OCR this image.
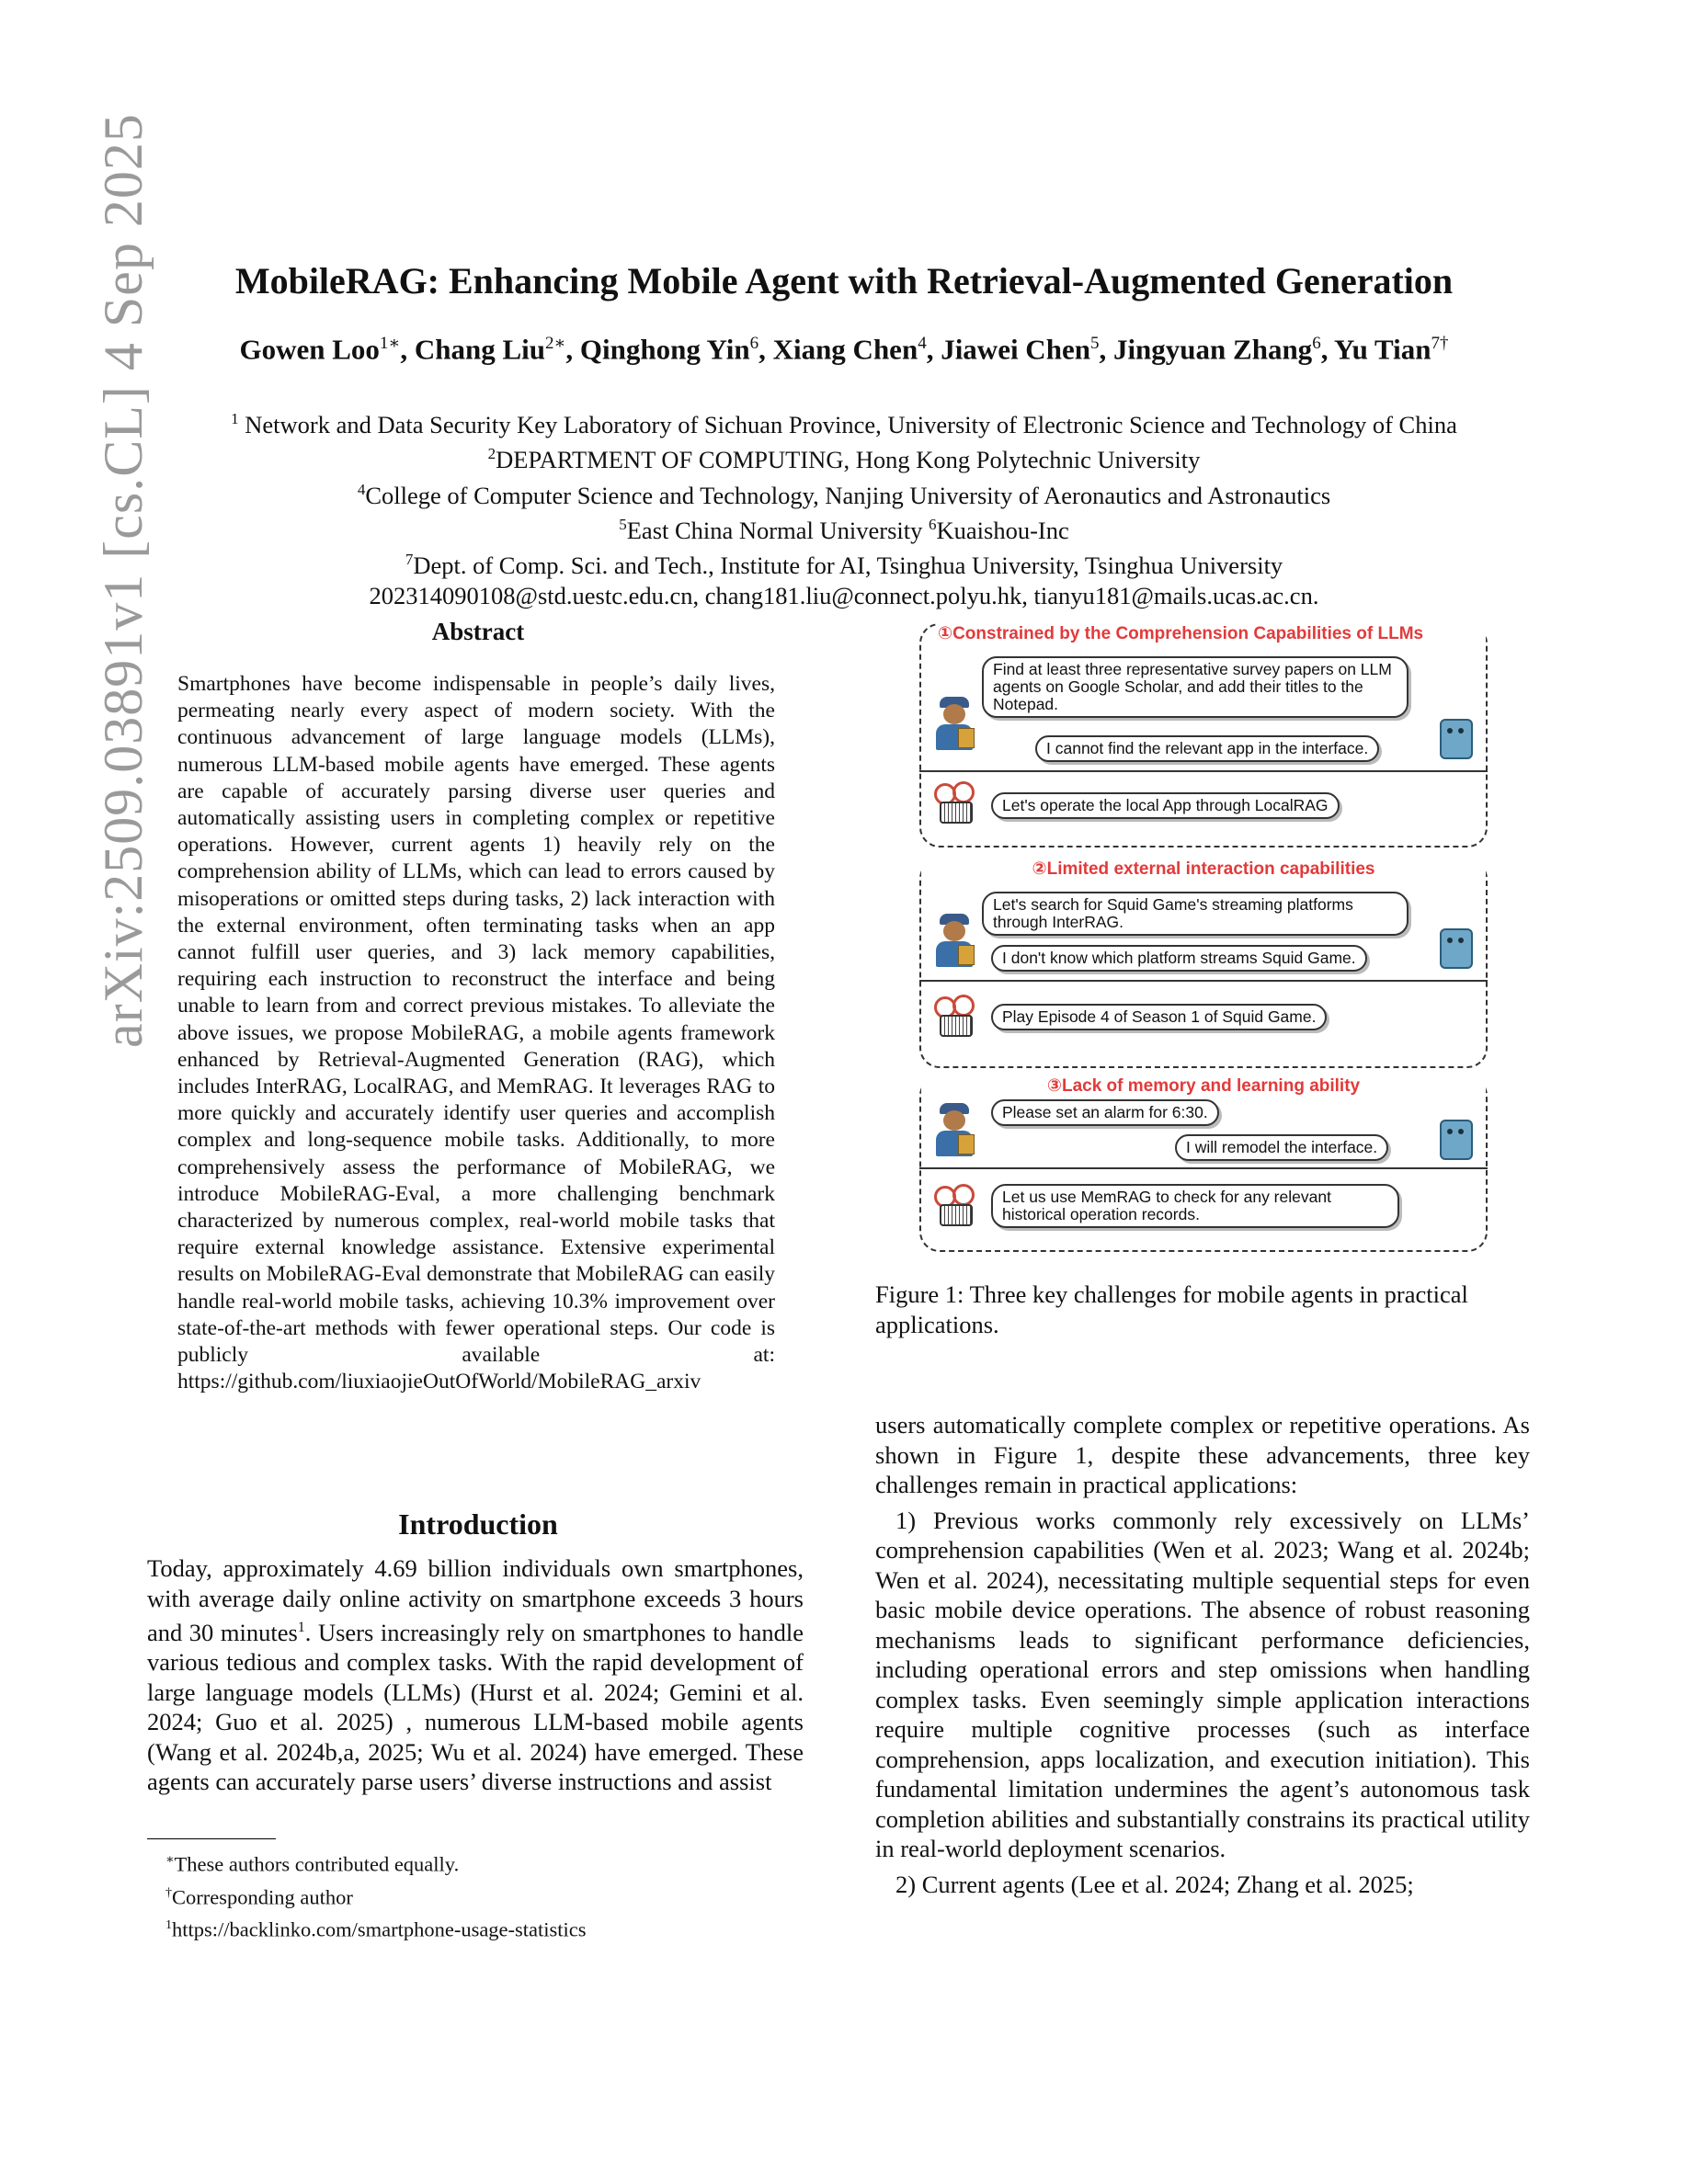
arXiv:2509.03891v1 [cs.CL] 4 Sep 2025	MobileRAG: Enhancing Mobile Agent with Retrieval-Augmented Generation
Gowen Loo$^{1∗}$, Chang Liu$^{2∗}$, Qinghong Yin$^6$, Xiang Chen$^4$, Jiawei Chen$^5$, Jingyuan Zhang$^6$, Yu Tian$^{7\dagger}$
$^1$ Network and Data Security Key Laboratory of Sichuan Province, University of Electronic Science and Technology of China
$^2$DEPARTMENT OF COMPUTING, Hong Kong Polytechnic University
$^4$College of Computer Science and Technology, Nanjing University of Aeronautics and Astronautics
$^5$East China Normal University $^6$Kuaishou-Inc
$^7$Dept. of Comp. Sci. and Tech., Institute for AI, Tsinghua University, Tsinghua University
202314090108@std.uestc.edu.cn, chang181.liu@connect.polyu.hk, tianyu181@mails.ucas.ac.cn.
Abstract
Smartphones have become indispensable in people’s daily lives, permeating nearly every aspect of modern society. With the continuous advancement of large language models (LLMs), numerous LLM-based mobile agents have emerged. These agents are capable of accurately parsing diverse user queries and automatically assisting users in completing complex or repetitive operations. However, current agents 1) heavily rely on the comprehension ability of LLMs, which can lead to errors caused by misoperations or omitted steps during tasks, 2) lack interaction with the external environment, often terminating tasks when an app cannot fulfill user queries, and 3) lack memory capabilities, requiring each instruction to reconstruct the interface and being unable to learn from and correct previous mistakes. To alleviate the above issues, we propose MobileRAG, a mobile agents framework enhanced by Retrieval-Augmented Generation (RAG), which includes InterRAG, LocalRAG, and MemRAG. It leverages RAG to more quickly and accurately identify user queries and accomplish complex and long-sequence mobile tasks. Additionally, to more comprehensively assess the performance of MobileRAG, we introduce MobileRAG-Eval, a more challenging benchmark characterized by numerous complex, real-world mobile tasks that require external knowledge assistance. Extensive experimental results on MobileRAG-Eval demonstrate that MobileRAG can easily handle real-world mobile tasks, achieving 10.3% improvement over state-of-the-art methods with fewer operational steps. Our code is publicly available at: https://github.com/liuxiaojieOutOfWorld/MobileRAG_arxiv
Introduction
Today, approximately 4.69 billion individuals own smartphones, with average daily online activity on smartphone exceeds 3 hours and 30 minutes$^1$. Users increasingly rely on smartphones to handle various tedious and complex tasks. With the rapid development of large language models (LLMs) (Hurst et al. 2024; Gemini et al. 2024; Guo et al. 2025) , numerous LLM-based mobile agents (Wang et al. 2024b,a, 2025; Wu et al. 2024) have emerged. These agents can accurately parse users’ diverse instructions and assist

∗These authors contributed equally.

†Corresponding author

$^1$https://backlinko.com/smartphone-usage-statistics

①Constrained by the Comprehension Capabilities of LLMs
Find at least three representative survey papers on LLM agents on Google Scholar, and add their titles to the Notepad.
I cannot find the relevant app in the interface.
Let's operate the local App through LocalRAG
②Limited external interaction capabilities
Let's search for Squid Game's streaming platforms through InterRAG.
I don't know which platform streams Squid Game.
Play Episode 4 of Season 1 of Squid Game.
③Lack of memory and learning ability
Please set an alarm for 6:30.
I will remodel the interface.
Let us use MemRAG to check for any relevant historical operation records.
Figure 1: Three key challenges for mobile agents in practical applications.

users automatically complete complex or repetitive operations. As shown in Figure 1, despite these advancements, three key challenges remain in practical applications:

1) Previous works commonly rely excessively on LLMs’ comprehension capabilities (Wen et al. 2023; Wang et al. 2024b; Wen et al. 2024), necessitating multiple sequential steps for even basic mobile device operations. The absence of robust reasoning mechanisms leads to significant performance deficiencies, including operational errors and step omissions when handling complex tasks. Even seemingly simple application interactions require multiple cognitive processes (such as interface comprehension, apps localization, and execution initiation). This fundamental limitation undermines the agent’s autonomous task completion abilities and substantially constrains its practical utility in real-world deployment scenarios.

2) Current agents (Lee et al. 2024; Zhang et al. 2025;
